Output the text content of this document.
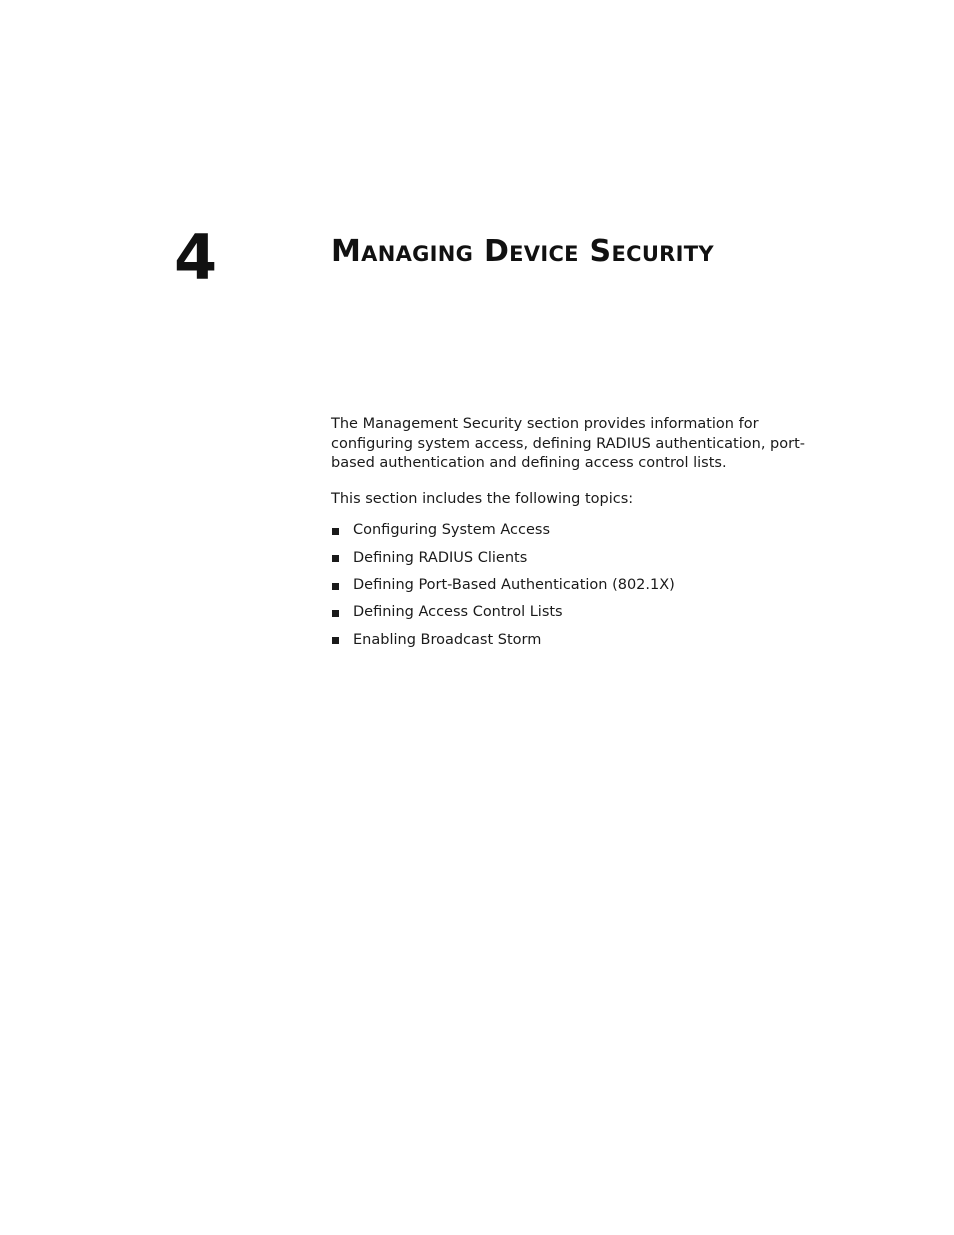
4	Managing Device Security

The Management Security section provides information for configuring system access, defining RADIUS authentication, port-based authentication and defining access control lists.

This section includes the following topics:

Configuring System Access
Defining RADIUS Clients
Defining Port-Based Authentication (802.1X)
Defining Access Control Lists
Enabling Broadcast Storm
